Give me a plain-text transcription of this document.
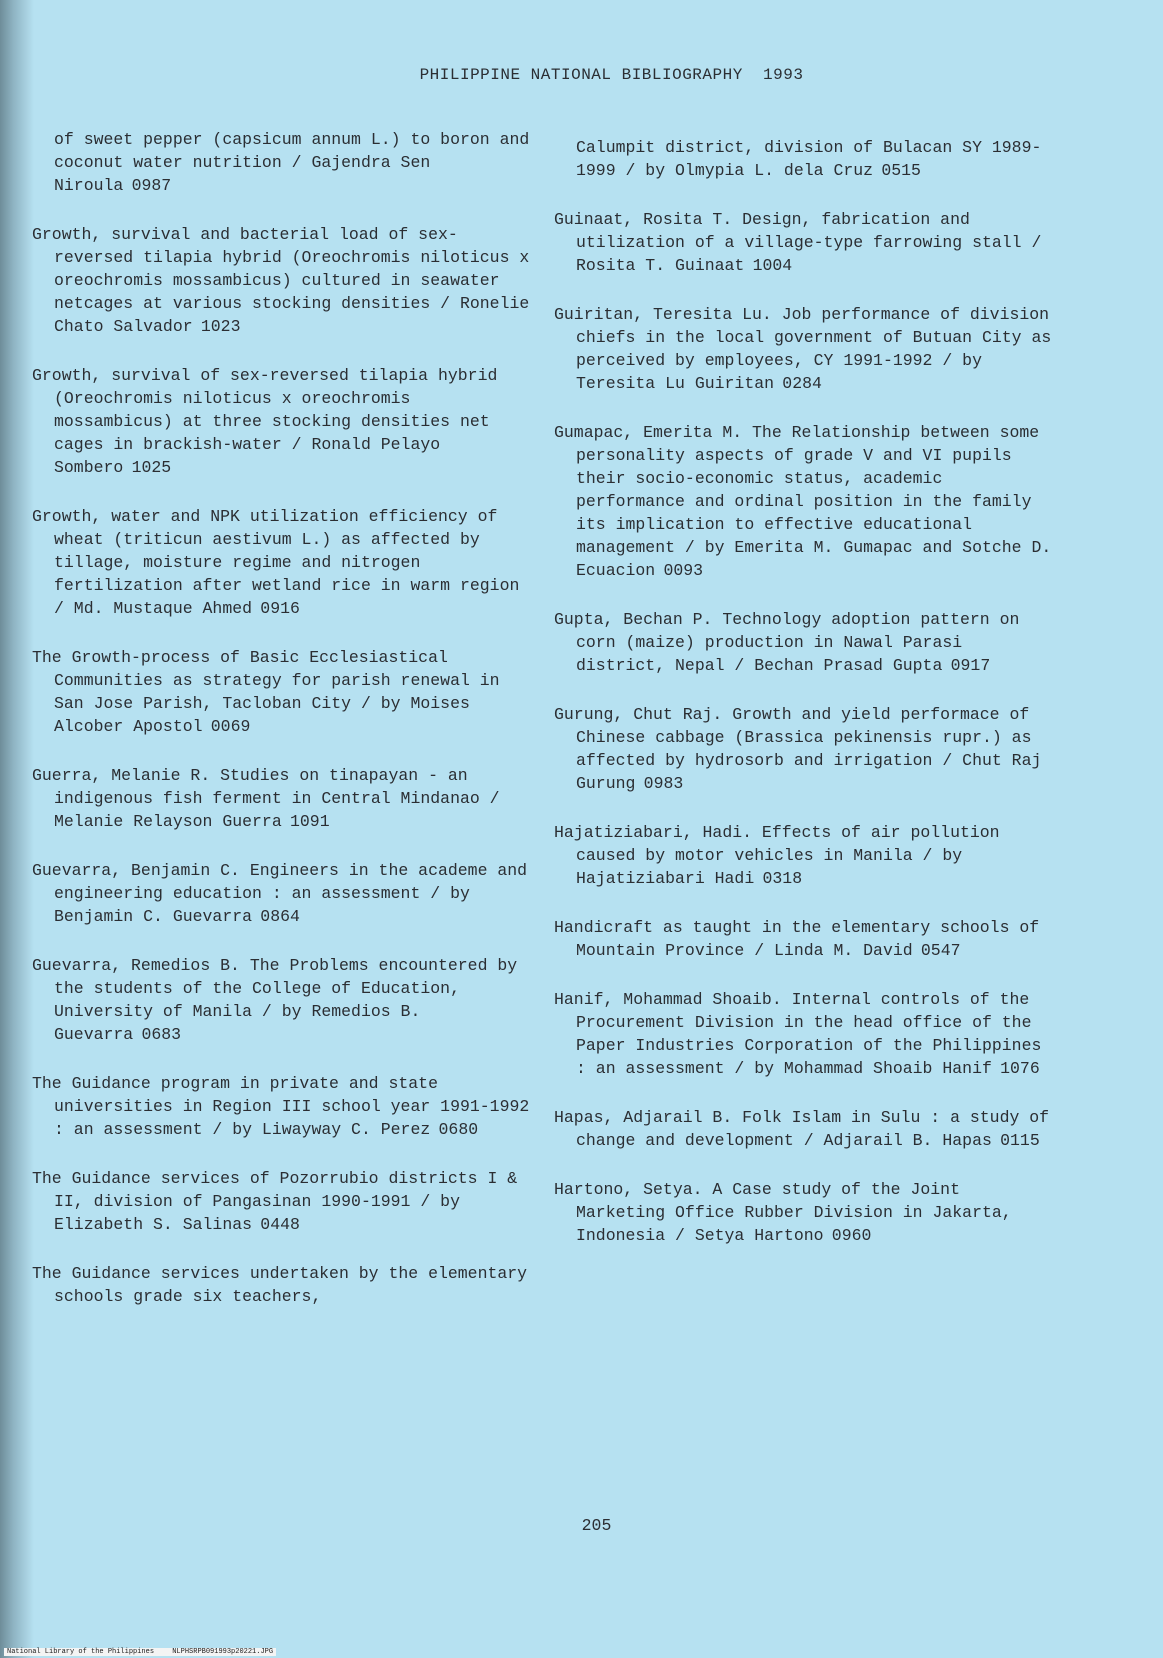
PHILIPPINE NATIONAL BIBLIOGRAPHY 1993
of sweet pepper (capsicum annum L.) to boron and coconut water nutrition / Gajendra Sen Niroula 0987
Growth, survival and bacterial load of sex-reversed tilapia hybrid (Oreochromis niloticus x oreochromis mossambicus) cultured in seawater netcages at various stocking densities / Ronelie Chato Salvador 1023
Growth, survival of sex-reversed tilapia hybrid (Oreochromis niloticus x oreochromis mossambicus) at three stocking densities net cages in brackish-water / Ronald Pelayo Sombero 1025
Growth, water and NPK utilization efficiency of wheat (triticun aestivum L.) as affected by tillage, moisture regime and nitrogen fertilization after wetland rice in warm region / Md. Mustaque Ahmed 0916
The Growth-process of Basic Ecclesiastical Communities as strategy for parish renewal in San Jose Parish, Tacloban City / by Moises Alcober Apostol 0069
Guerra, Melanie R. Studies on tinapayan - an indigenous fish ferment in Central Mindanao / Melanie Relayson Guerra 1091
Guevarra, Benjamin C. Engineers in the academe and engineering education : an assessment / by Benjamin C. Guevarra 0864
Guevarra, Remedios B. The Problems encountered by the students of the College of Education, University of Manila / by Remedios B. Guevarra 0683
The Guidance program in private and state universities in Region III school year 1991-1992 : an assessment / by Liwayway C. Perez 0680
The Guidance services of Pozorrubio districts I & II, division of Pangasinan 1990-1991 / by Elizabeth S. Salinas 0448
The Guidance services undertaken by the elementary schools grade six teachers,
Calumpit district, division of Bulacan SY 1989-1999 / by Olmypia L. dela Cruz 0515
Guinaat, Rosita T. Design, fabrication and utilization of a village-type farrowing stall / Rosita T. Guinaat 1004
Guiritan, Teresita Lu. Job performance of division chiefs in the local government of Butuan City as perceived by employees, CY 1991-1992 / by Teresita Lu Guiritan 0284
Gumapac, Emerita M. The Relationship between some personality aspects of grade V and VI pupils their socio-economic status, academic performance and ordinal position in the family its implication to effective educational management / by Emerita M. Gumapac and Sotche D. Ecuacion 0093
Gupta, Bechan P. Technology adoption pattern on corn (maize) production in Nawal Parasi district, Nepal / Bechan Prasad Gupta 0917
Gurung, Chut Raj. Growth and yield performace of Chinese cabbage (Brassica pekinensis rupr.) as affected by hydrosorb and irrigation / Chut Raj Gurung 0983
Hajatiziabari, Hadi. Effects of air pollution caused by motor vehicles in Manila / by Hajatiziabari Hadi 0318
Handicraft as taught in the elementary schools of Mountain Province / Linda M. David 0547
Hanif, Mohammad Shoaib. Internal controls of the Procurement Division in the head office of the Paper Industries Corporation of the Philippines : an assessment / by Mohammad Shoaib Hanif 1076
Hapas, Adjarail B. Folk Islam in Sulu : a study of change and development / Adjarail B. Hapas 0115
Hartono, Setya. A Case study of the Joint Marketing Office Rubber Division in Jakarta, Indonesia / Setya Hartono 0960
205
National Library of the Philippines	NLPHSRPB091993p20221.JPG
